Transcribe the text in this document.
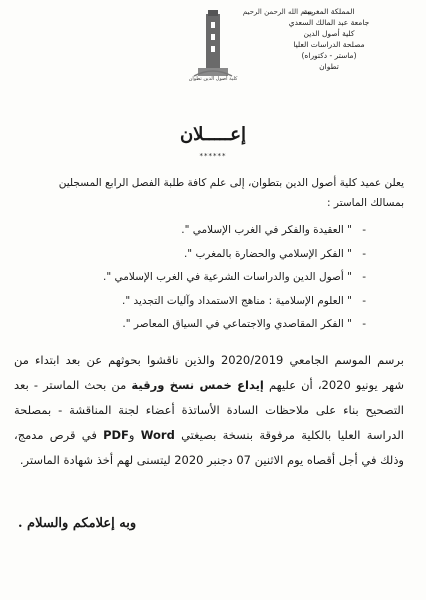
بسم الله الرحمن الرحيم
المملكة المغربية
جامعة عبد المالك السعدي
كلية أصول الدين
مصلحة الدراسات العليا
(ماستر - دكتوراه)
تطوان
كلية أصول الدين تطوان
إعـــــلان
******
يعلن عميد كلية أصول الدين بتطوان، إلى علم كافة طلبة الفصل الرابع المسجلين
بمسالك الماستر :
-
" العقيدة والفكر في الغرب الإسلامي ".
-
" الفكر الإسلامي والحضارة بالمغرب ".
-
" أصول الدين والدراسات الشرعية في الغرب الإسلامي ".
-
" العلوم الإسلامية : مناهج الاستمداد وآليات التجديد ".
-
" الفكر المقاصدي والاجتماعي في السياق المعاصر ".
برسم الموسم الجامعي 2020/2019 والذين ناقشوا بحوثهم عن بعد ابتداء من شهر يونيو 2020، أن عليهم إيداع خمس نسخ ورقية من بحث الماستر - بعد التصحيح بناء على ملاحظات السادة الأساتذة أعضاء لجنة المناقشة - بمصلحة الدراسة العليا بالكلية مرفوقة بنسخة بصيغتي Word وPDF في قرص مدمج، وذلك في أجل أقصاه يوم الاثنين 07 دجنبر 2020 ليتسنى لهم أخذ شهادة الماستر.
وبه إعلامكم والسلام .
